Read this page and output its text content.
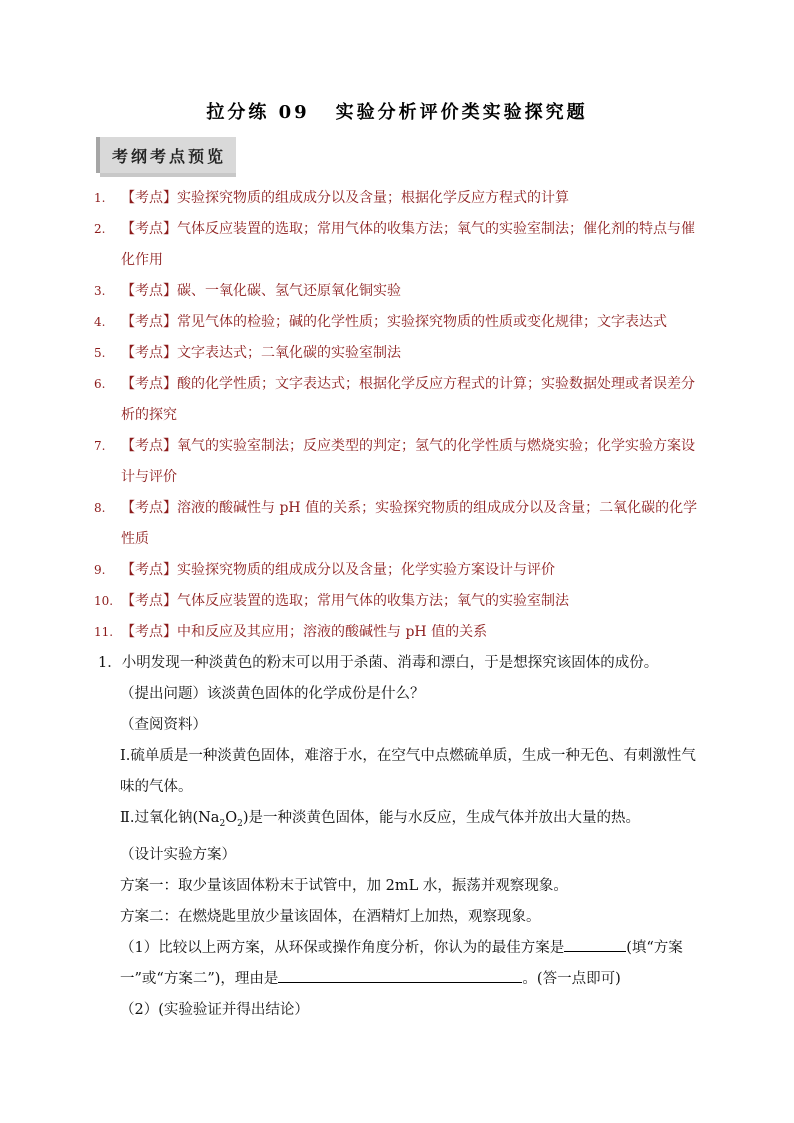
拉分练 09 实验分析评价类实验探究题
考纲考点预览
1. 【考点】实验探究物质的组成成分以及含量；根据化学反应方程式的计算
2. 【考点】气体反应装置的选取；常用气体的收集方法；氧气的实验室制法；催化剂的特点与催化作用
3. 【考点】碳、一氧化碳、氢气还原氧化铜实验
4. 【考点】常见气体的检验；碱的化学性质；实验探究物质的性质或变化规律；文字表达式
5. 【考点】文字表达式；二氧化碳的实验室制法
6. 【考点】酸的化学性质；文字表达式；根据化学反应方程式的计算；实验数据处理或者误差分析的探究
7. 【考点】氧气的实验室制法；反应类型的判定；氢气的化学性质与燃烧实验；化学实验方案设计与评价
8. 【考点】溶液的酸碱性与 pH 值的关系；实验探究物质的组成成分以及含量；二氧化碳的化学性质
9. 【考点】实验探究物质的组成成分以及含量；化学实验方案设计与评价
10. 【考点】气体反应装置的选取；常用气体的收集方法；氧气的实验室制法
11. 【考点】中和反应及其应用；溶液的酸碱性与 pH 值的关系

1．小明发现一种淡黄色的粉末可以用于杀菌、消毒和漂白，于是想探究该固体的成份。

（提出问题）该淡黄色固体的化学成份是什么？

（查阅资料）

Ⅰ.硫单质是一种淡黄色固体，难溶于水，在空气中点燃硫单质，生成一种无色、有刺激性气味的气体。

Ⅱ.过氧化钠$(Na_2O_2)$是一种淡黄色固体，能与水反应，生成气体并放出大量的热。

（设计实验方案）

方案一：取少量该固体粉末于试管中，加 2mL 水，振荡并观察现象。

方案二：在燃烧匙里放少量该固体，在酒精灯上加热，观察现象。

（1）比较以上两方案，从环保或操作角度分析，你认为的最佳方案是	(填“方案一”或“方案二”)，理由是	。(答一点即可)

（2）(实验验证并得出结论）
